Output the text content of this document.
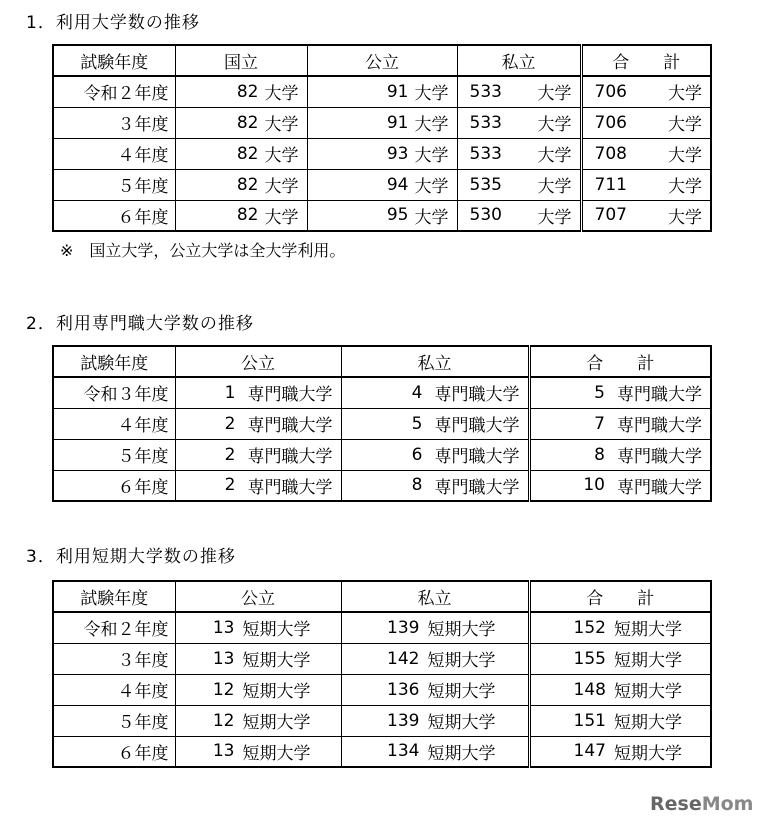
1．利用大学数の推移
試験年度	国立	公立	私立	合　　計
令和２年度	82 大学	91 大学	533 大学	706 大学

３年度	82 大学	91 大学	533 大学	706 大学

４年度	82 大学	93 大学	533 大学	708 大学

５年度	82 大学	94 大学	535 大学	711 大学

６年度	82 大学	95 大学	530 大学	707 大学
※　国立大学，公立大学は全大学利用。
2．利用専門職大学数の推移
試験年度	公立	私立	合　　計
令和３年度	1 専門職大学	4 専門職大学	5 専門職大学

４年度	2 専門職大学	5 専門職大学	7 専門職大学

５年度	2 専門職大学	6 専門職大学	8 専門職大学

６年度	2 専門職大学	8 専門職大学	10 専門職大学
3．利用短期大学数の推移
試験年度	公立	私立	合　　計
令和２年度	13 短期大学	139 短期大学	152 短期大学

３年度	13 短期大学	142 短期大学	155 短期大学

４年度	12 短期大学	136 短期大学	148 短期大学

５年度	12 短期大学	139 短期大学	151 短期大学

６年度	13 短期大学	134 短期大学	147 短期大学
ReseMom
